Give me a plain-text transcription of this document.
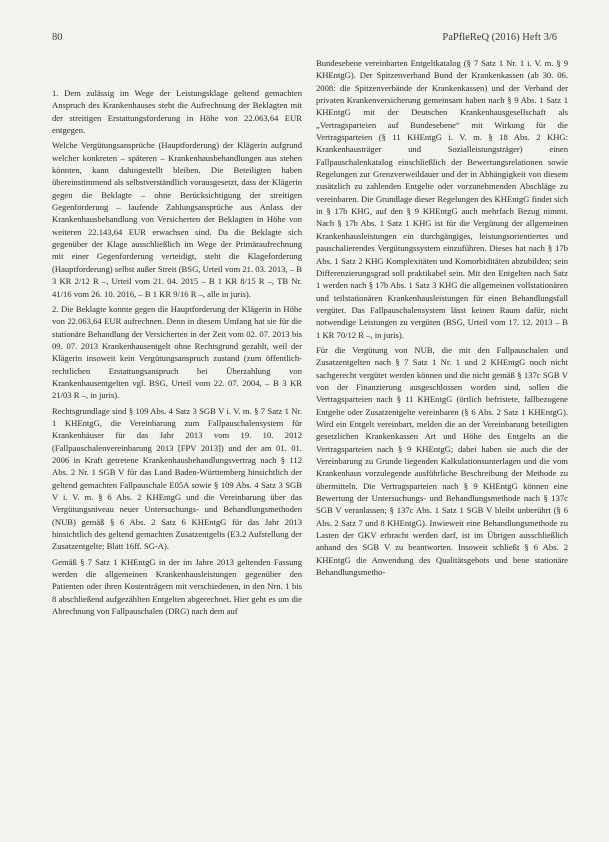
80	PaPfleReQ (2016) Heft 3/6

1. Dem zulässig im Wege der Leistungsklage geltend gemachten Anspruch des Krankenhauses steht die Aufrechnung der Beklagten mit der streitigen Erstattungsforderung in Höhe von 22.063,64 EUR entgegen.

Welche Vergütungsansprüche (Hauptforderung) der Klägerin aufgrund welcher konkreten – späteren – Krankenhausbehandlungen aus stehen könnten, kann dahingestellt bleiben. Die Beteiligten haben übereinstimmend als selbstverständlich vorausgesetzt, dass der Klägerin gegen die Beklagte – ohne Berücksichtigung der streitigen Gegenforderung – laufende Zahlungsansprüche aus Anlass der Krankenhausbehandlung von Versicherten der Beklagten in Höhe von weiteren 22.143,64 EUR erwachsen sind. Da die Beklagte sich gegenüber der Klage ausschließlich im Wege der Primäraufrechnung mit einer Gegenforderung verteidigt, steht die Klageforderung (Hauptforderung) selbst außer Streit (BSG, Urteil vom 21. 03. 2013, – B 3 KR 2/12 R –, Urteil vom 21. 04. 2015 – B 1 KR 8/15 R –, TB Nr. 41/16 vom 26. 10. 2016, – B 1 KR 9/16 R –, alle in juris).

2. Die Beklagte konnte gegen die Hauptforderung der Klägerin in Höhe von 22.063,64 EUR aufrechnen. Denn in diesem Umfang hat sie für die stationäre Behandlung der Versicherten in der Zeit vom 02. 07. 2013 bis 09. 07. 2013 Krankenhausentgelt ohne Rechtsgrund gezahlt, weil der Klägerin insoweit kein Vergütungsanspruch zustand (zum öffentlich-rechtlichen Erstattungsanspruch bei Überzahlung von Krankenhausentgelten vgl. BSG, Urteil vom 22. 07. 2004, – B 3 KR 21/03 R –, in juris).

Rechtsgrundlage sind § 109 Abs. 4 Satz 3 SGB V i. V. m. § 7 Satz 1 Nr. 1 KHEntgG, die Vereinbarung zum Fallpauschalensystem für Krankenhäuser für das Jahr 2013 vom 19. 10. 2012 (Fallpauschalenvereinbarung 2013 [FPV 2013]) und der am 01. 01. 2006 in Kraft getretene Krankenhausbehandlungsvertrag nach § 112 Abs. 2 Nr. 1 SGB V für das Land Baden-Württemberg hinsichtlich der geltend gemachten Fallpauschale E05A sowie § 109 Abs. 4 Satz 3 SGB V i. V. m. § 6 Abs. 2 KHEntgG und die Vereinbarung über das Vergütungsniveau neuer Untersuchungs- und Behandlungsmethoden (NUB) gemäß § 6 Abs. 2 Satz 6 KHEntgG für das Jahr 2013 hinsichtlich des geltend gemachten Zusatzentgelts (E3.2 Aufstellung der Zusatzentgelte; Blatt 16ff. SG-A).

Gemäß § 7 Satz 1 KHEntgG in der im Jahre 2013 geltenden Fassung werden die allgemeinen Krankenhausleistungen gegenüber den Patienten oder ihren Kostenträgern mit verschiedenen, in den Nrn. 1 bis 8 abschließend aufgezählten Entgelten abgerechnet. Hier geht es um die Abrechnung von Fallpauschalen (DRG) nach dem auf

Bundesebene vereinbarten Entgeltkatalog (§ 7 Satz 1 Nr. 1 i. V. m. § 9 KHEntgG). Der Spitzenverband Bund der Krankenkassen (ab 30. 06. 2008: die Spitzenverbände der Krankenkassen) und der Verband der privaten Krankenversicherung gemeinsam haben nach § 9 Abs. 1 Satz 1 KHEntgG mit der Deutschen Krankenhausgesellschaft als „Vertragsparteien auf Bundesebene“ mit Wirkung für die Vertragsparteien (§ 11 KHEntgG i. V. m. § 18 Abs. 2 KHG: Krankenhausträger und Sozialleistungsträger) einen Fallpauschalenkatalog einschließlich der Bewertungsrelationen sowie Regelungen zur Grenzverweildauer und der in Abhängigkeit von diesem zusätzlich zu zahlenden Entgelte oder vorzunehmenden Abschläge zu vereinbaren. Die Grundlage dieser Regelungen des KHEntgG findet sich in § 17b KHG, auf den § 9 KHEntgG auch mehrfach Bezug nimmt. Nach § 17b Abs. 1 Satz 1 KHG ist für die Vergütung der allgemeinen Krankenhausleistungen ein durchgängiges, leistungsorientiertes und pauschalierendes Vergütungssystem einzuführen. Dieses hat nach § 17b Abs. 1 Satz 2 KHG Komplexitäten und Komorbiditäten abzubilden; sein Differenzierungsgrad soll praktikabel sein. Mit den Entgelten nach Satz 1 werden nach § 17b Abs. 1 Satz 3 KHG die allgemeinen vollstationären und teilstationären Krankenhausleistungen für einen Behandlungsfall vergütet. Das Fallpauschalensystem lässt keinen Raum dafür, nicht notwendige Leistungen zu vergüten (BSG, Urteil vom 17. 12. 2013 – B 1 KR 70/12 R –, in juris).

Für die Vergütung von NUB, die mit den Fallpauschalen und Zusatzentgelten nach § 7 Satz 1 Nr. 1 und 2 KHEntgG noch nicht sachgerecht vergütet werden können und die nicht gemäß § 137c SGB V von der Finanzierung ausgeschlossen worden sind, sollen die Vertragsparteien nach § 11 KHEntgG (örtlich befristete, fallbezogene Entgelte oder Zusatzentgelte vereinbaren (§ 6 Abs. 2 Satz 1 KHEntgG). Wird ein Entgelt vereinbart, melden die an der Vereinbarung beteiligten gesetzlichen Krankenkassen Art und Höhe des Entgelts an die Vertragsparteien nach § 9 KHEntgG; dabei haben sie auch die der Vereinbarung zu Grunde liegenden Kalkulationsunterlagen und die vom Krankenhaus vorzulegende ausführliche Beschreibung der Methode zu übermitteln. Die Vertragsparteien nach § 9 KHEntgG können eine Bewertung der Untersuchungs- und Behandlungsmethode nach § 137c SGB V veranlassen; § 137c Abs. 1 Satz 1 SGB V bleibt unberührt (§ 6 Abs. 2 Satz 7 und 8 KHEntgG). Inwieweit eine Behandlungsmethode zu Lasten der GKV erbracht werden darf, ist im Übrigen ausschließlich anhand des SGB V zu beantworten. Insoweit schließt § 6 Abs. 2 KHEntgG die Anwendung des Qualitätsgebots und bene stationäre Behandlungsmetho-
